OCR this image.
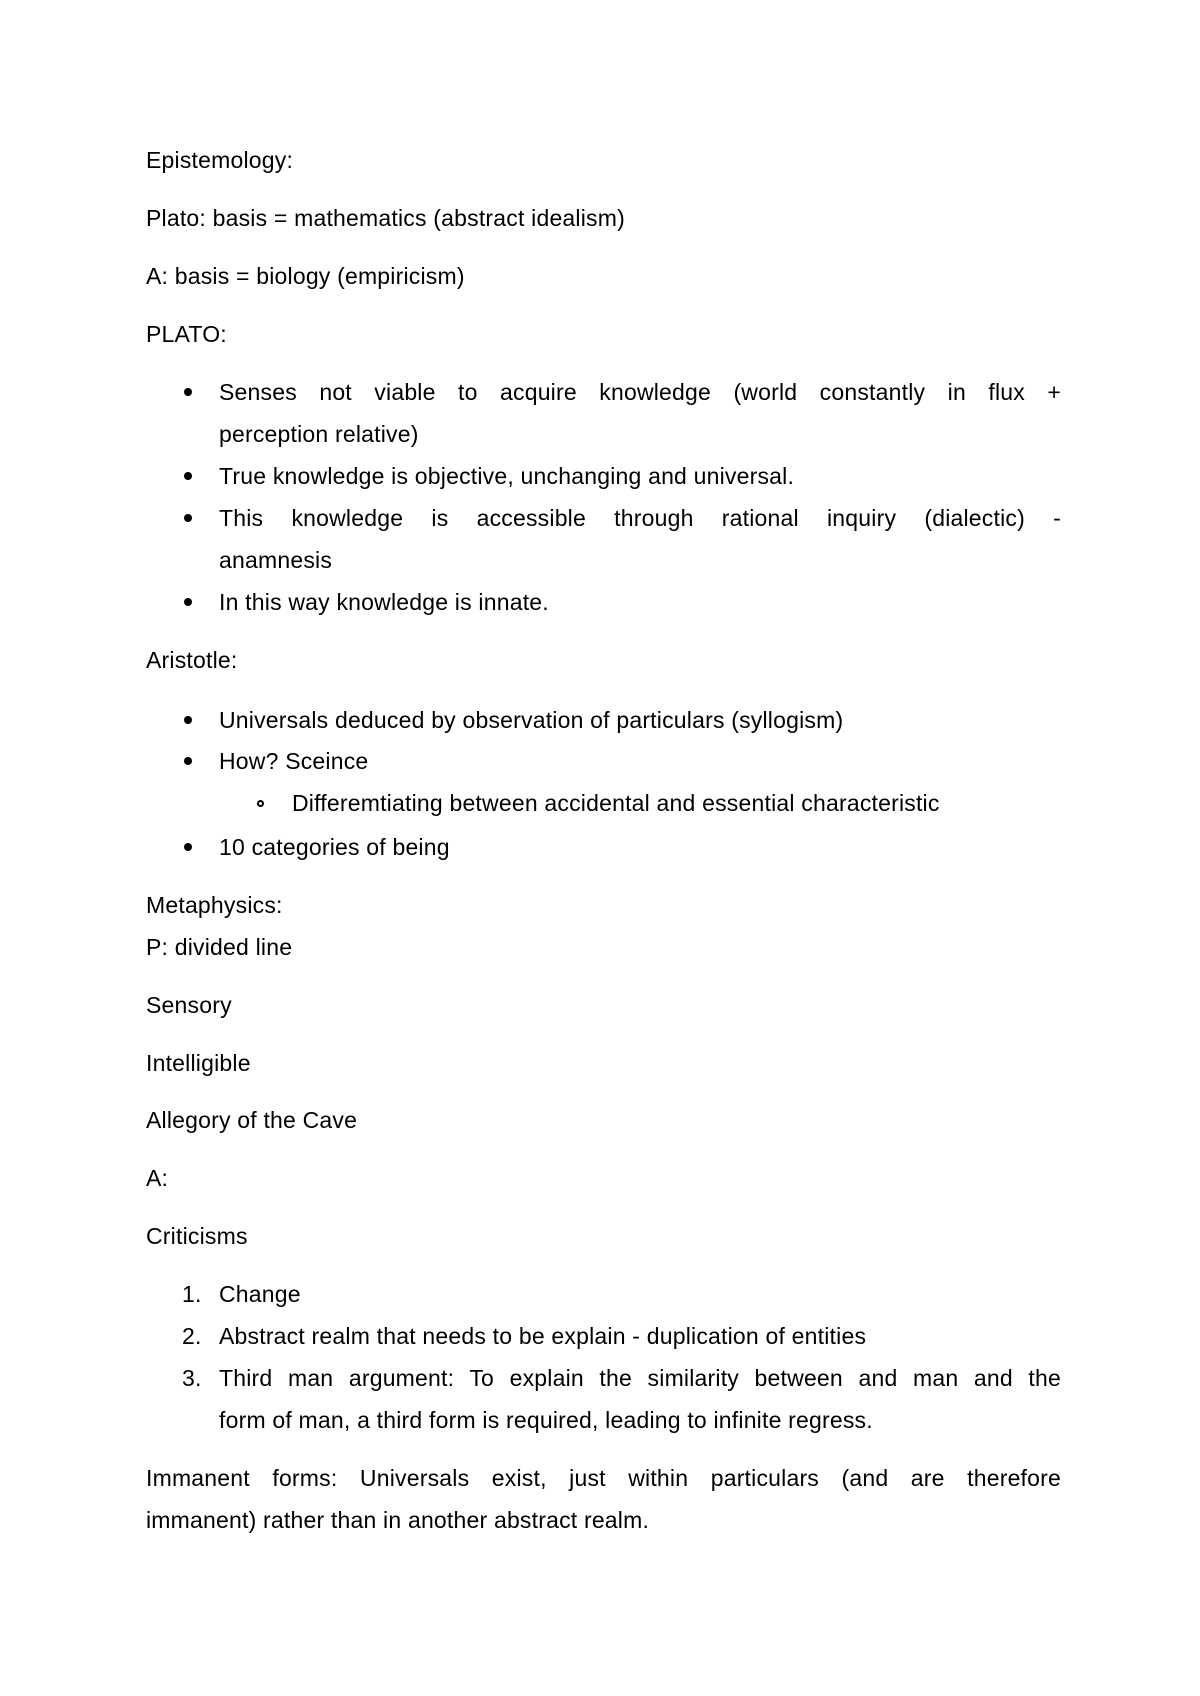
Epistemology:
Plato: basis = mathematics (abstract idealism)
A: basis = biology (empiricism)
PLATO:
Senses not viable to acquire knowledge (world constantly in flux +
perception relative)
True knowledge is objective, unchanging and universal.
This knowledge is accessible through rational inquiry (dialectic) -
anamnesis
In this way knowledge is innate.
Aristotle:
Universals deduced by observation of particulars (syllogism)
How? Sceince
Differemtiating between accidental and essential characteristic
10 categories of being
Metaphysics:
P: divided line
Sensory
Intelligible
Allegory of the Cave
A:
Criticisms
1. Change
2. Abstract realm that needs to be explain - duplication of entities
3. Third man argument: To explain the similarity between and man and the
form of man, a third form is required, leading to infinite regress.
Immanent forms: Universals exist, just within particulars (and are therefore
immanent) rather than in another abstract realm.
